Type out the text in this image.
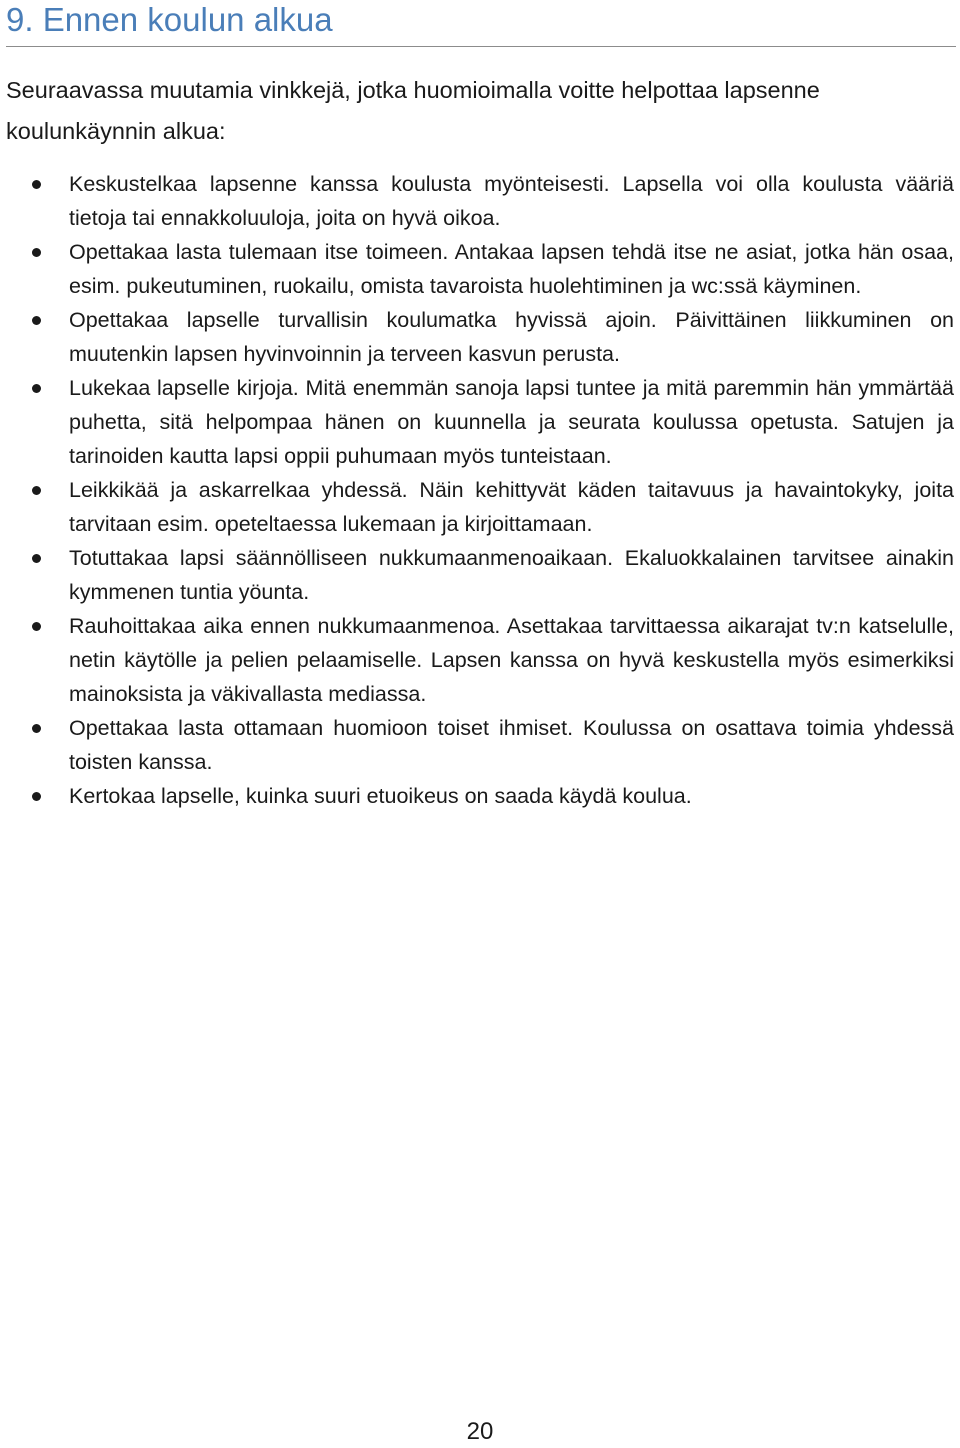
9. Ennen koulun alkua
Seuraavassa muutamia vinkkejä, jotka huomioimalla voitte helpottaa lapsenne koulunkäynnin alkua:
Keskustelkaa lapsenne kanssa koulusta myönteisesti. Lapsella voi olla koulusta vääriä tietoja tai ennakkoluuloja, joita on hyvä oikoa.
Opettakaa lasta tulemaan itse toimeen. Antakaa lapsen tehdä itse ne asiat, jotka hän osaa, esim. pukeutuminen, ruokailu, omista tavaroista huolehtiminen ja wc:ssä käyminen.
Opettakaa lapselle turvallisin koulumatka hyvissä ajoin. Päivittäinen liikkuminen on muutenkin lapsen hyvinvoinnin ja terveen kasvun perusta.
Lukekaa lapselle kirjoja. Mitä enemmän sanoja lapsi tuntee ja mitä paremmin hän ymmärtää puhetta, sitä helpompaa hänen on kuunnella ja seurata koulussa opetusta. Satujen ja tarinoiden kautta lapsi oppii puhumaan myös tunteistaan.
Leikkikää ja askarrelkaa yhdessä. Näin kehittyvät käden taitavuus ja havaintokyky, joita tarvitaan esim. opeteltaessa lukemaan ja kirjoittamaan.
Totuttakaa lapsi säännölliseen nukkumaanmenoaikaan. Ekaluokkalainen tarvitsee ainakin kymmenen tuntia yöunta.
Rauhoittakaa aika ennen nukkumaanmenoa. Asettakaa tarvittaessa aikarajat tv:n katselulle, netin käytölle ja pelien pelaamiselle. Lapsen kanssa on hyvä keskustella myös esimerkiksi mainoksista ja väkivallasta mediassa.
Opettakaa lasta ottamaan huomioon toiset ihmiset. Koulussa on osattava toimia yhdessä toisten kanssa.
Kertokaa lapselle, kuinka suuri etuoikeus on saada käydä koulua.
20
